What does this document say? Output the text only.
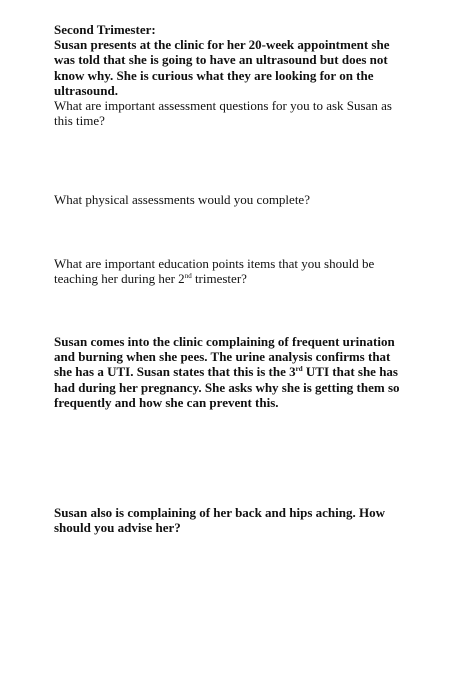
Second Trimester:

Susan presents at the clinic for her 20-week appointment she was told that she is going to have an ultrasound but does not know why. She is curious what they are looking for on the ultrasound.

What are important assessment questions for you to ask Susan as this time?

What physical assessments would you complete?

What are important education points items that you should be teaching her during her 2nd trimester?

Susan comes into the clinic complaining of frequent urination and burning when she pees. The urine analysis confirms that she has a UTI. Susan states that this is the 3rd UTI that she has had during her pregnancy. She asks why she is getting them so frequently and how she can prevent this.

Susan also is complaining of her back and hips aching. How should you advise her?
